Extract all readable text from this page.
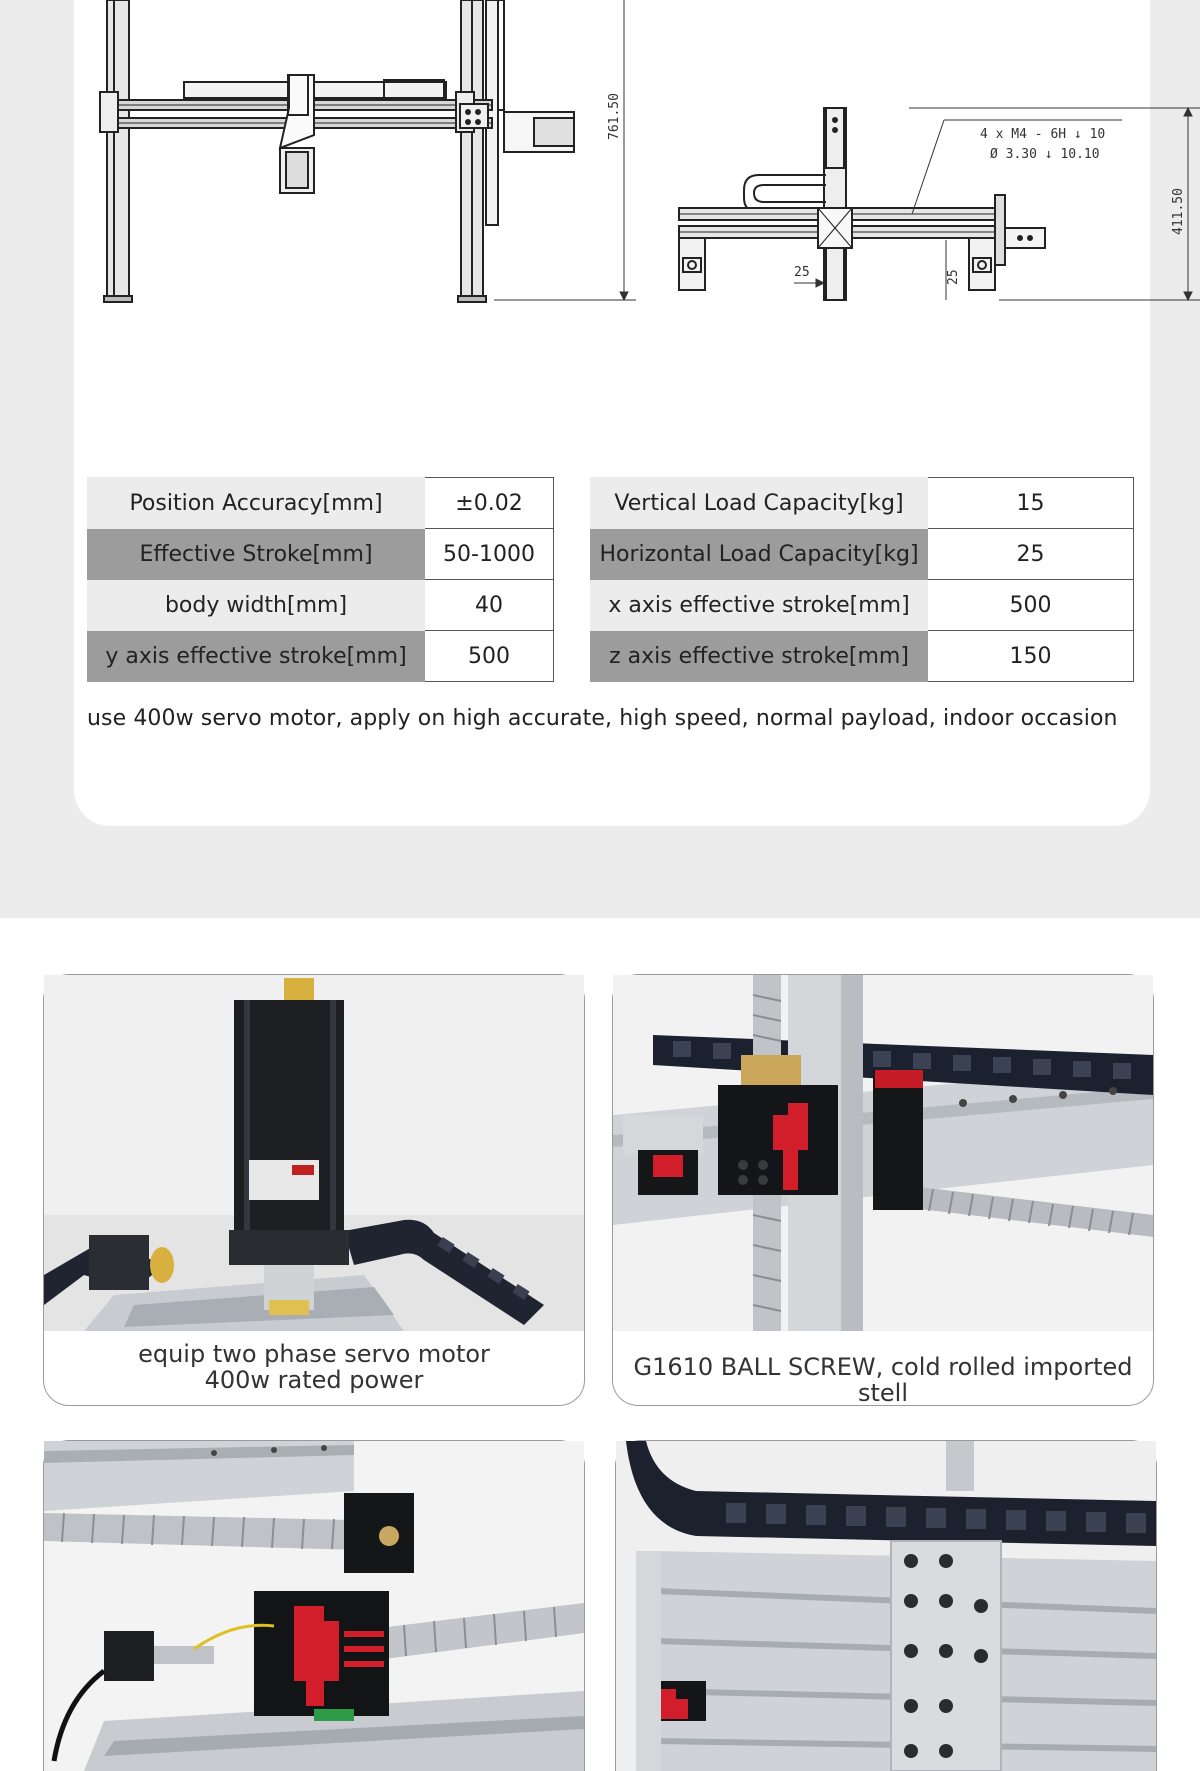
761.50
411.50
4 x M4 - 6H ↓ 10
Ø 3.30 ↓ 10.10
25	25
Position Accuracy[mm]	±0.02
Effective Stroke[mm]	50-1000
body width[mm]	40
y axis effective stroke[mm]	500
Vertical Load Capacity[kg]	15
Horizontal Load Capacity[kg]	25
x axis effective stroke[mm]	500
z axis effective stroke[mm]	150
use 400w servo motor, apply on high accurate, high speed, normal payload, indoor occasion
equip two phase servo motor
400w rated power	G1610 BALL SCREW, cold rolled imported stell
